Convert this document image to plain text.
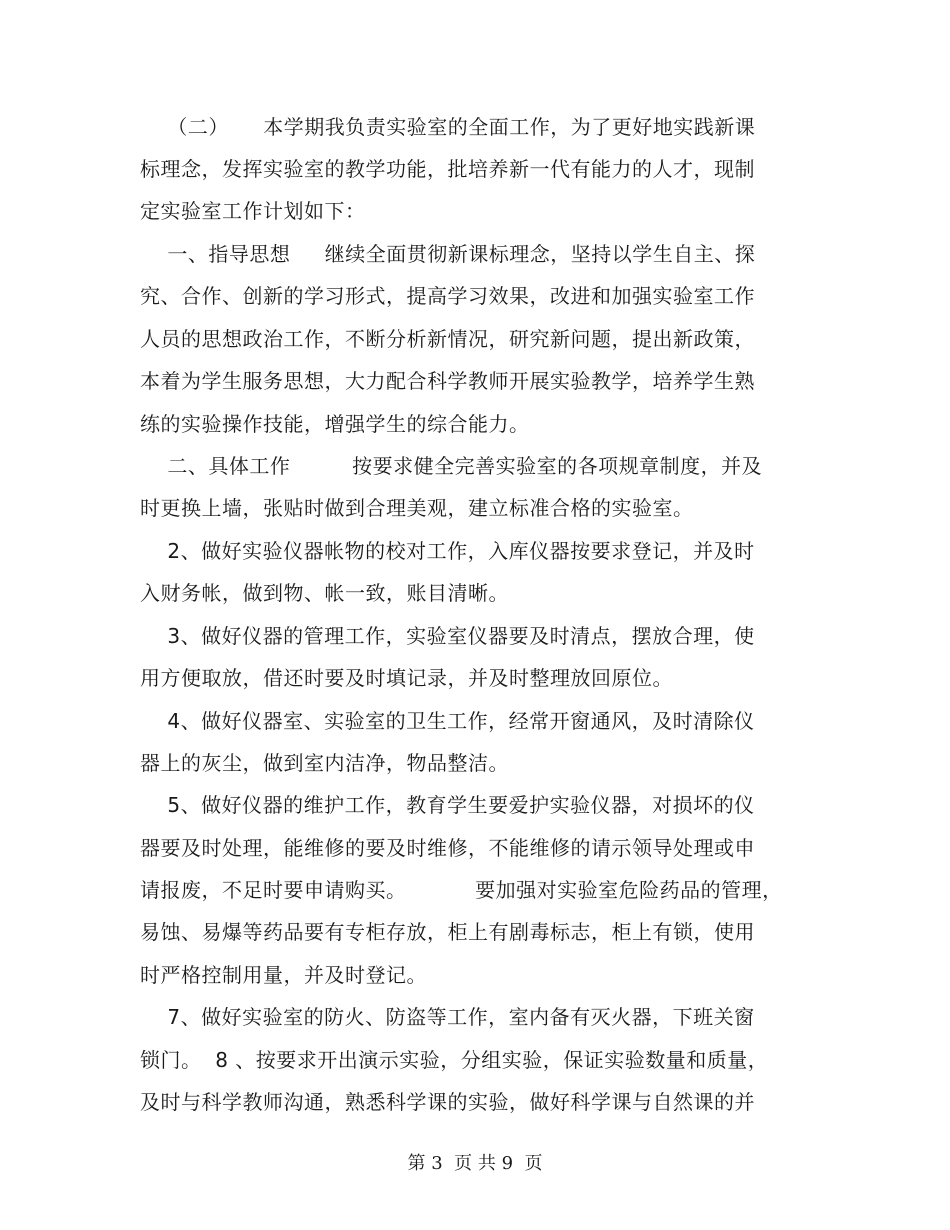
（二）     本学期我负责实验室的全面工作，为了更好地实践新课
标理念，发挥实验室的教学功能，批培养新一代有能力的人才，现制
定实验室工作计划如下：
一、指导思想     继续全面贯彻新课标理念，坚持以学生自主、探
究、合作、创新的学习形式，提高学习效果，改进和加强实验室工作
人员的思想政治工作，不断分析新情况，研究新问题，提出新政策，
本着为学生服务思想，大力配合科学教师开展实验教学，培养学生熟
练的实验操作技能，增强学生的综合能力。
二、具体工作         按要求健全完善实验室的各项规章制度，并及
时更换上墙，张贴时做到合理美观，建立标准合格的实验室。
2、做好实验仪器帐物的校对工作，入库仪器按要求登记，并及时
入财务帐，做到物、帐一致，账目清晰。
3、做好仪器的管理工作，实验室仪器要及时清点，摆放合理，使
用方便取放，借还时要及时填记录，并及时整理放回原位。
4、做好仪器室、实验室的卫生工作，经常开窗通风，及时清除仪
器上的灰尘，做到室内洁净，物品整洁。
5、做好仪器的维护工作，教育学生要爱护实验仪器，对损坏的仪
器要及时处理，能维修的要及时维修，不能维修的请示领导处理或申
请报废，不足时要申请购买。          要加强对实验室危险药品的管理，
易蚀、易爆等药品要有专柜存放，柜上有剧毒标志，柜上有锁，使用
时严格控制用量，并及时登记。
7、做好实验室的防火、防盗等工作，室内备有灭火器，下班关窗
锁门。  8 、按要求开出演示实验，分组实验，保证实验数量和质量，
及时与科学教师沟通，熟悉科学课的实验，做好科学课与自然课的并
第 3  页 共 9  页
